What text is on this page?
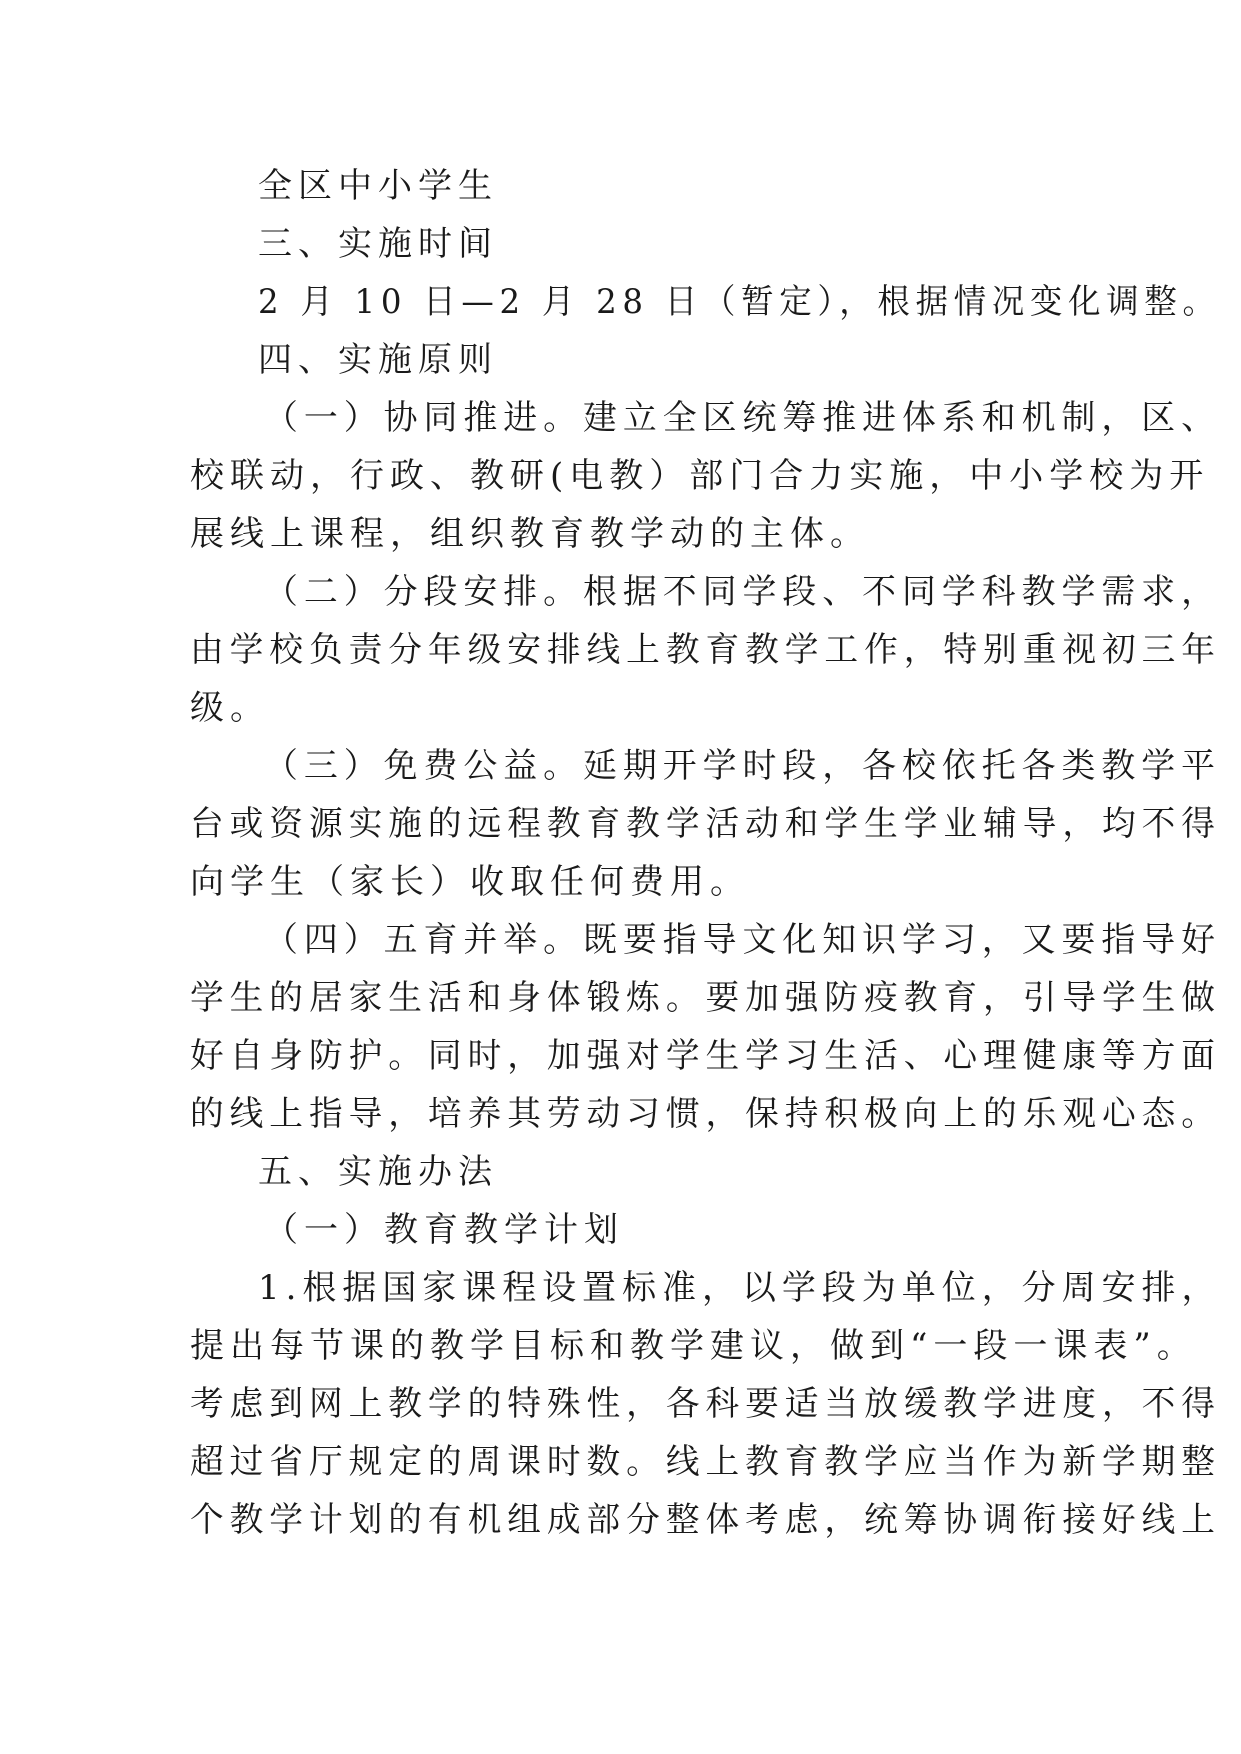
全区中小学生
三、实施时间
2 月 10 日—2 月 28 日（暂定），根据情况变化调整。
四、实施原则
（一）协同推进。建立全区统筹推进体系和机制，区、
校联动，行政、教研(电教）部门合力实施，中小学校为开
展线上课程，组织教育教学动的主体。
（二）分段安排。根据不同学段、不同学科教学需求，
由学校负责分年级安排线上教育教学工作，特别重视初三年
级。
（三）免费公益。延期开学时段，各校依托各类教学平
台或资源实施的远程教育教学活动和学生学业辅导，均不得
向学生（家长）收取任何费用。
（四）五育并举。既要指导文化知识学习，又要指导好
学生的居家生活和身体锻炼。要加强防疫教育，引导学生做
好自身防护。同时，加强对学生学习生活、心理健康等方面
的线上指导，培养其劳动习惯，保持积极向上的乐观心态。
五、实施办法
（一）教育教学计划
1.根据国家课程设置标准，以学段为单位，分周安排，
提出每节课的教学目标和教学建议，做到“一段一课表”。
考虑到网上教学的特殊性，各科要适当放缓教学进度，不得
超过省厅规定的周课时数。线上教育教学应当作为新学期整
个教学计划的有机组成部分整体考虑，统筹协调衔接好线上
